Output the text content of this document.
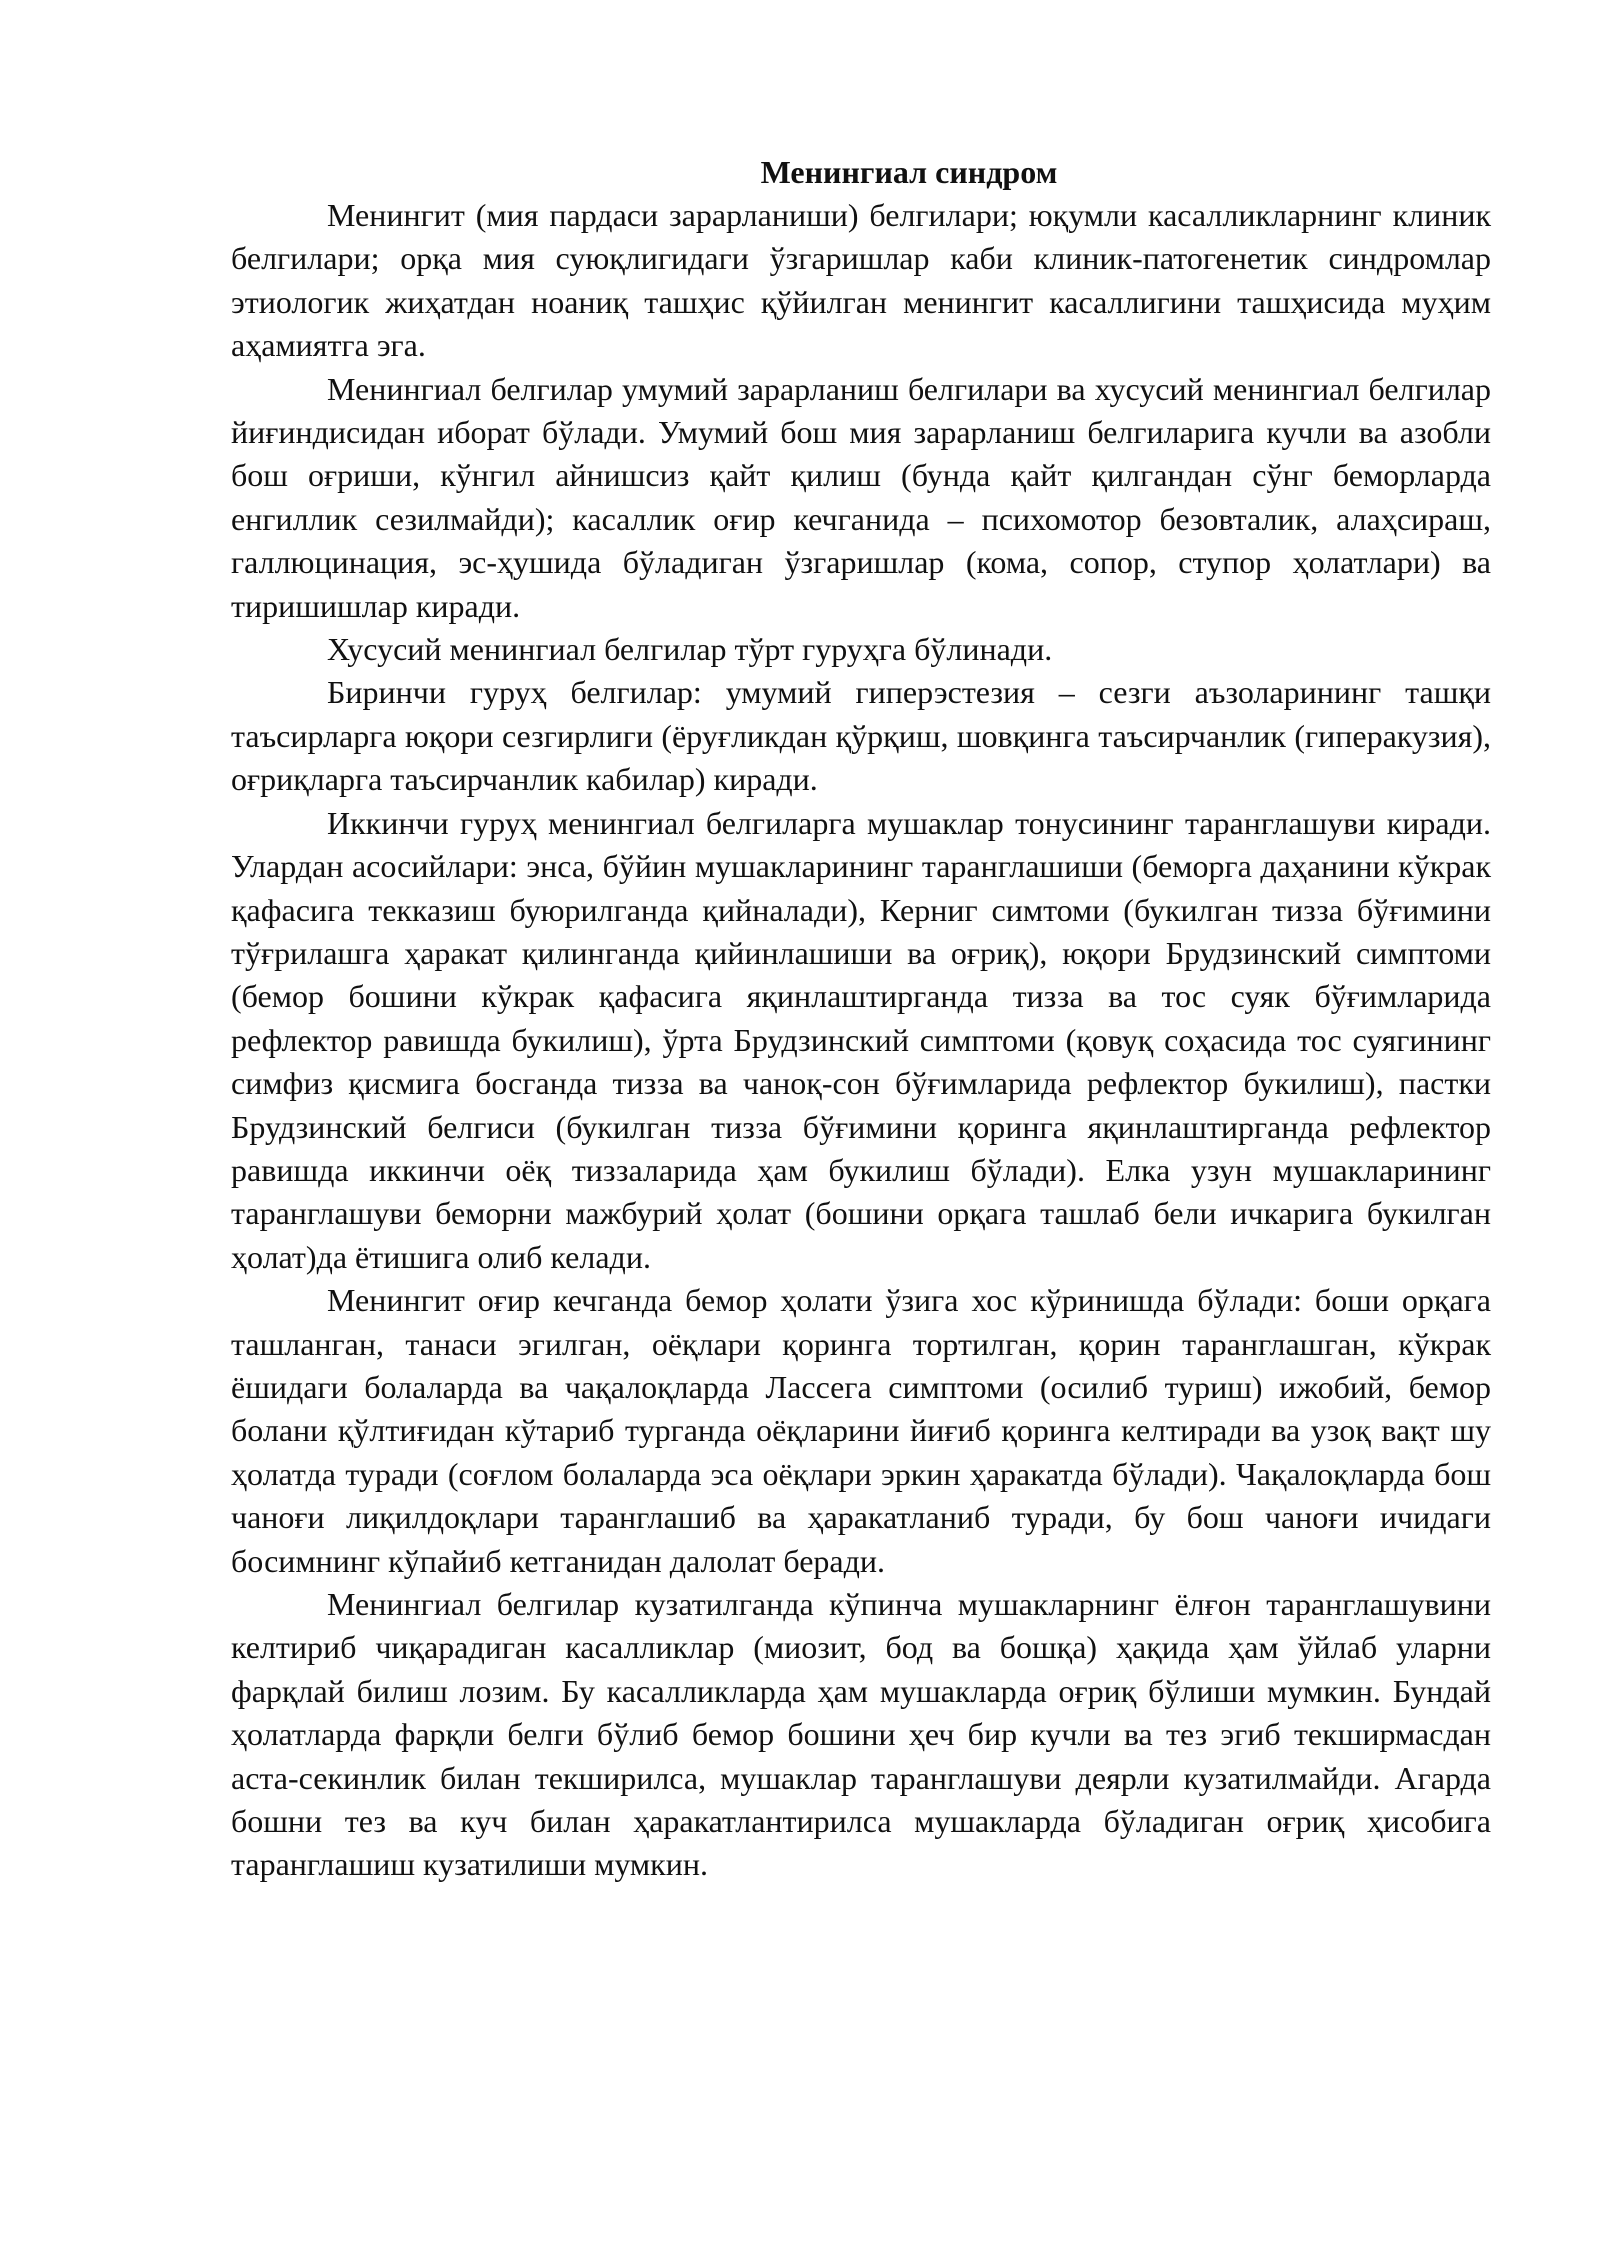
Менингиал синдром

Менингит (мия пардаси зарарланиши) белгилари; юқумли касалликларнинг клиник белгилари; орқа мия суюқлигидаги ўзгаришлар каби клиник-патогенетик синдромлар этиологик жиҳатдан ноаниқ ташҳис қўйилган менингит касаллигини ташҳисида муҳим аҳамиятга эга.

Менингиал белгилар умумий зарарланиш белгилари ва хусусий менингиал белгилар йиғиндисидан иборат бўлади. Умумий бош мия зарарланиш белгиларига кучли ва азобли бош оғриши, кўнгил айнишсиз қайт қилиш (бунда қайт қилгандан сўнг беморларда енгиллик сезилмайди); касаллик оғир кечганида – психомотор безовталик, алаҳсираш, галлюцинация, эс-ҳушида бўладиган ўзгаришлар (кома, сопор, ступор ҳолатлари) ва тиришишлар киради.

Хусусий менингиал белгилар тўрт гуруҳга бўлинади.

Биринчи гуруҳ белгилар: умумий гиперэстезия – сезги аъзоларининг ташқи таъсирларга юқори сезгирлиги (ёруғликдан қўрқиш, шовқинга таъсирчанлик (гиперакузия), оғриқларга таъсирчанлик кабилар) киради.

Иккинчи гуруҳ менингиал белгиларга мушаклар тонусининг таранглашуви киради. Улардан асосийлари: энса, бўйин мушакларининг таранглашиши (беморга даҳанини кўкрак қафасига текказиш буюрилганда қийналади), Керниг симтоми (букилган тизза бўғимини тўғрилашга ҳаракат қилинганда қийинлашиши ва оғриқ), юқори Брудзинский симптоми (бемор бошини кўкрак қафасига яқинлаштирганда тизза ва тос суяк бўғимларида рефлектор равишда букилиш), ўрта Брудзинский симптоми (қовуқ соҳасида тос суягининг симфиз қисмига босганда тизза ва чаноқ-сон бўғимларида рефлектор букилиш), пастки Брудзинский белгиси (букилган тизза бўғимини қоринга яқинлаштирганда рефлектор равишда иккинчи оёқ тиззаларида ҳам букилиш бўлади). Елка узун мушакларининг таранглашуви беморни мажбурий ҳолат (бошини орқага ташлаб бели ичкарига букилган ҳолат)да ётишига олиб келади.

Менингит оғир кечганда бемор ҳолати ўзига хос кўринишда бўлади: боши орқага ташланган, танаси эгилган, оёқлари қоринга тортилган, қорин таранглашган, кўкрак ёшидаги болаларда ва чақалоқларда Лассега симптоми (осилиб туриш) ижобий, бемор болани қўлтиғидан кўтариб турганда оёқларини йиғиб қоринга келтиради ва узоқ вақт шу ҳолатда туради (соғлом болаларда эса оёқлари эркин ҳаракатда бўлади). Чақалоқларда бош чаноғи лиқилдоқлари таранглашиб ва ҳаракатланиб туради, бу бош чаноғи ичидаги босимнинг кўпайиб кетганидан далолат беради.

Менингиал белгилар кузатилганда кўпинча мушакларнинг ёлғон таранглашувини келтириб чиқарадиган касалликлар (миозит, бод ва бошқа) ҳақида ҳам ўйлаб уларни фарқлай билиш лозим. Бу касалликларда ҳам мушакларда оғриқ бўлиши мумкин. Бундай ҳолатларда фарқли белги бўлиб бемор бошини ҳеч бир кучли ва тез эгиб текширмасдан аста-секинлик билан текширилса, мушаклар таранглашуви деярли кузатилмайди. Агарда бошни тез ва куч билан ҳаракатлантирилса мушакларда бўладиган оғриқ ҳисобига таранглашиш кузатилиши мумкин.
